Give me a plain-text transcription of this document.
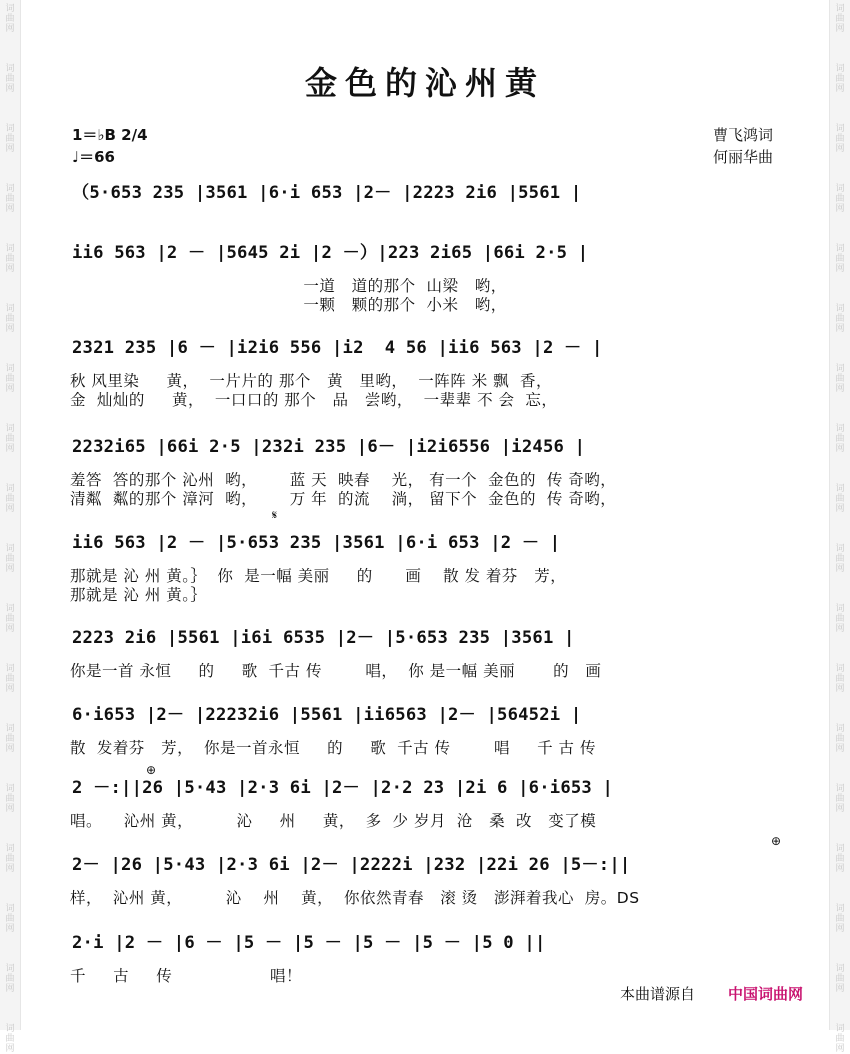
词
曲
网
词
曲
网
词
曲
网
词
曲
网
词
曲
网
词
曲
网
词
曲
网
词
曲
网
词
曲
网
词
曲
网
词
曲
网
词
曲
网
词
曲
网
词
曲
网
词
曲
网
词
曲
网
词
曲
网
词
曲
网
词
曲
网
词
曲
网
词
曲
网
词
曲
网
词
曲
网
词
曲
网
词
曲
网
词
曲
网
词
曲
网
词
曲
网
词
曲
网
词
曲
网
词
曲
网
词
曲
网
词
曲
网
词
曲
网
词
曲
网
词
曲
网
金色的沁州黄
1＝♭B 2/4
♩＝66
曹飞鸿词
何丽华曲
（5·653 235 |3561 |6·i 653 |2－ |2223 2i6 |5561 |
ii6 563 |2 － |5645 2i |2 －）|223 2i65 |66i 2·5 |
一道   道的那个  山梁   哟，
一颗   颗的那个  小米   哟，
2321 235 |6 － |i2i6 556 |i2  4 56 |ii6 563 |2 － |
秋 风里染     黄，  一片片的 那个   黄   里哟，  一阵阵 米 飘  香，
金  灿灿的     黄，  一口口的 那个   品   尝哟，  一辈辈 不 会  忘，
2232i65 |66i 2·5 |232i 235 |6－ |i2i6556 |i2456 |
羞答  答的那个 沁州  哟，      蓝 天  映春    光， 有一个  金色的  传 奇哟，
清粼  粼的那个 漳河  哟，      万 年  的流    淌， 留下个  金色的  传 奇哟，
ii6 563 |2 － |5·653 235 |3561 |6·i 653 |2 － |
那就是 沁 州 黄。｝  你  是一幅 美丽     的      画    散 发 着芬   芳，
那就是 沁 州 黄。｝
2223 2i6 |5561 |i6i 6535 |2－ |5·653 235 |3561 |
你是一首 永恒     的     歌  千古 传        唱，  你 是一幅 美丽       的   画
6·i653 |2－ |22232i6 |5561 |ii6563 |2－ |56452i |
散  发着芬   芳，  你是一首永恒     的     歌  千古 传        唱     千 古 传
2 －:||26 |5·43 |2·3 6i |2－ |2·2 23 |2i 6 |6·i653 |
唱。    沁州 黄，        沁     州     黄，  多  少 岁月  沧   桑  改   变了模
2－ |26 |5·43 |2·3 6i |2－ |2222i |232 |22i 26 |5－:||
样，  沁州 黄，        沁    州    黄，  你依然青春   滚 烫   澎湃着我心  房。DS
2·i |2 － |6 － |5 － |5 － |5 － |5 － |5 0 ||
千     古     传                  唱！
𝄋
⊕
⊕
本曲谱源自 中国词曲网
